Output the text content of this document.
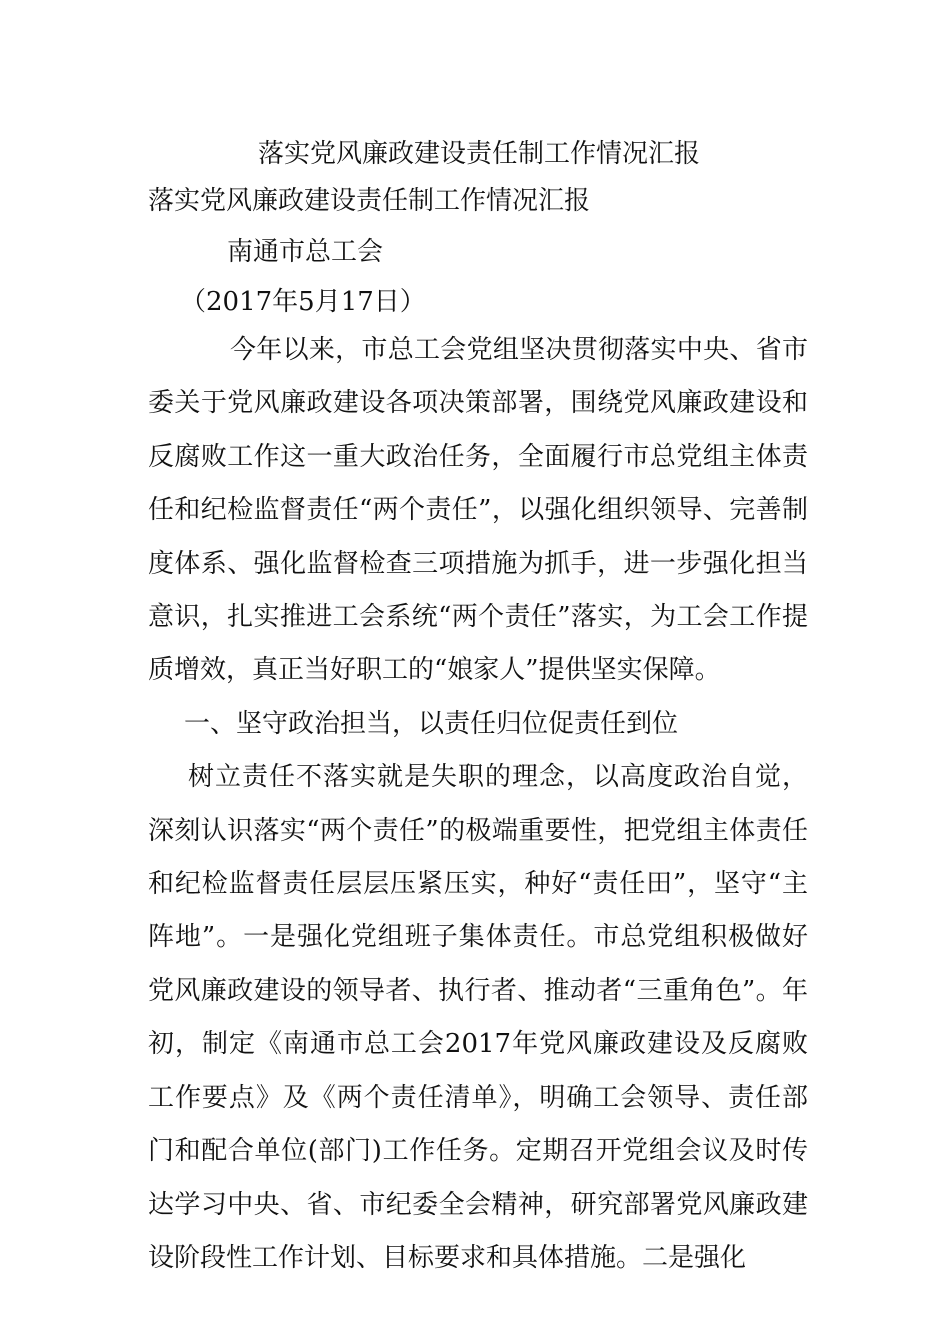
落实党风廉政建设责任制工作情况汇报
落实党风廉政建设责任制工作情况汇报
南通市总工会
（2017年5月17日）

今年以来，市总工会党组坚决贯彻落实中央、省市委关于党风廉政建设各项决策部署，围绕党风廉政建设和反腐败工作这一重大政治任务，全面履行市总党组主体责任和纪检监督责任“两个责任”，以强化组织领导、完善制度体系、强化监督检查三项措施为抓手，进一步强化担当意识，扎实推进工会系统“两个责任”落实，为工会工作提质增效，真正当好职工的“娘家人”提供坚实保障。

一、坚守政治担当，以责任归位促责任到位

树立责任不落实就是失职的理念，以高度政治自觉，深刻认识落实“两个责任”的极端重要性，把党组主体责任和纪检监督责任层层压紧压实，种好“责任田”，坚守“主阵地”。一是强化党组班子集体责任。市总党组积极做好党风廉政建设的领导者、执行者、推动者“三重角色”。年初，制定《南通市总工会2017年党风廉政建设及反腐败工作要点》及《两个责任清单》，明确工会领导、责任部门和配合单位(部门)工作任务。定期召开党组会议及时传达学习中央、省、市纪委全会精神，研究部署党风廉政建设阶段性工作计划、目标要求和具体措施。二是强化
